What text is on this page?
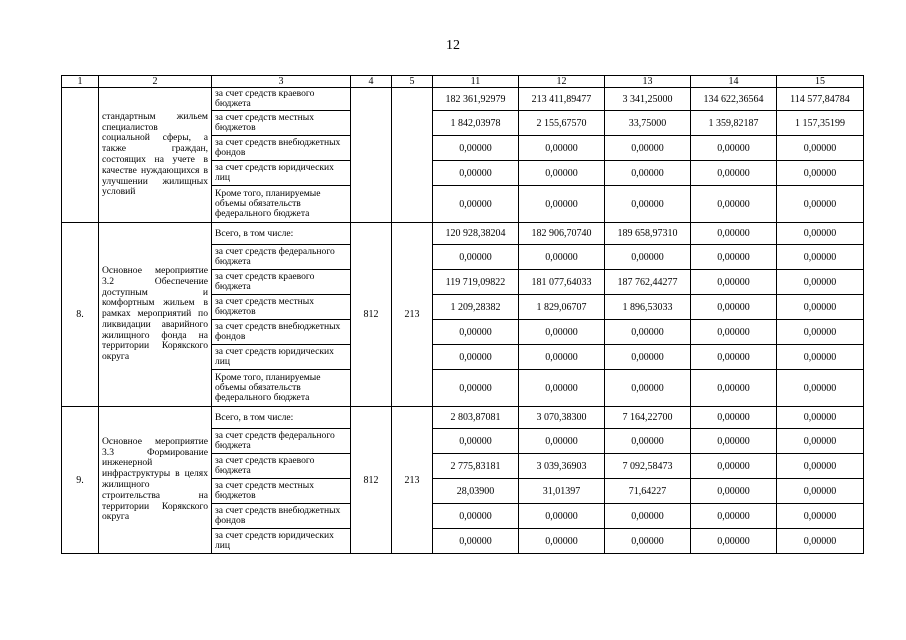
12
1	2	3	4	5	11	12	13	14	15
	стандартным жильем специалистов социальной сферы, а также граждан, состоящих на учете в качестве нуждающихся в улучшении жилищных условий	за счет средств краевого бюджета			182 361,92979	213 411,89477	3 341,25000	134 622,36564	114 577,84784
		за счет средств местных бюджетов			1 842,03978	2 155,67570	33,75000	1 359,82187	1 157,35199
		за счет средств внебюджетных фондов			0,00000	0,00000	0,00000	0,00000	0,00000
		за счет средств юридических лиц			0,00000	0,00000	0,00000	0,00000	0,00000
		Кроме того, планируемые объемы обязательств федерального бюджета			0,00000	0,00000	0,00000	0,00000	0,00000
8.	Основное мероприятие 3.2 Обеспечение доступным и комфортным жильем в рамках мероприятий по ликвидации аварийного жилищного фонда на территории Корякского округа	Всего, в том числе:	812	213	120 928,38204	182 906,70740	189 658,97310	0,00000	0,00000
		за счет средств федерального бюджета			0,00000	0,00000	0,00000	0,00000	0,00000
		за счет средств краевого бюджета			119 719,09822	181 077,64033	187 762,44277	0,00000	0,00000
		за счет средств местных бюджетов			1 209,28382	1 829,06707	1 896,53033	0,00000	0,00000
		за счет средств внебюджетных фондов			0,00000	0,00000	0,00000	0,00000	0,00000
		за счет средств юридических лиц			0,00000	0,00000	0,00000	0,00000	0,00000
		Кроме того, планируемые объемы обязательств федерального бюджета			0,00000	0,00000	0,00000	0,00000	0,00000
9.	Основное мероприятие 3.3 Формирование инженерной инфраструктуры в целях жилищного строительства на территории Корякского округа	Всего, в том числе:	812	213	2 803,87081	3 070,38300	7 164,22700	0,00000	0,00000
		за счет средств федерального бюджета			0,00000	0,00000	0,00000	0,00000	0,00000
		за счет средств краевого бюджета			2 775,83181	3 039,36903	7 092,58473	0,00000	0,00000
		за счет средств местных бюджетов			28,03900	31,01397	71,64227	0,00000	0,00000
		за счет средств внебюджетных фондов			0,00000	0,00000	0,00000	0,00000	0,00000
		за счет средств юридических лиц			0,00000	0,00000	0,00000	0,00000	0,00000
